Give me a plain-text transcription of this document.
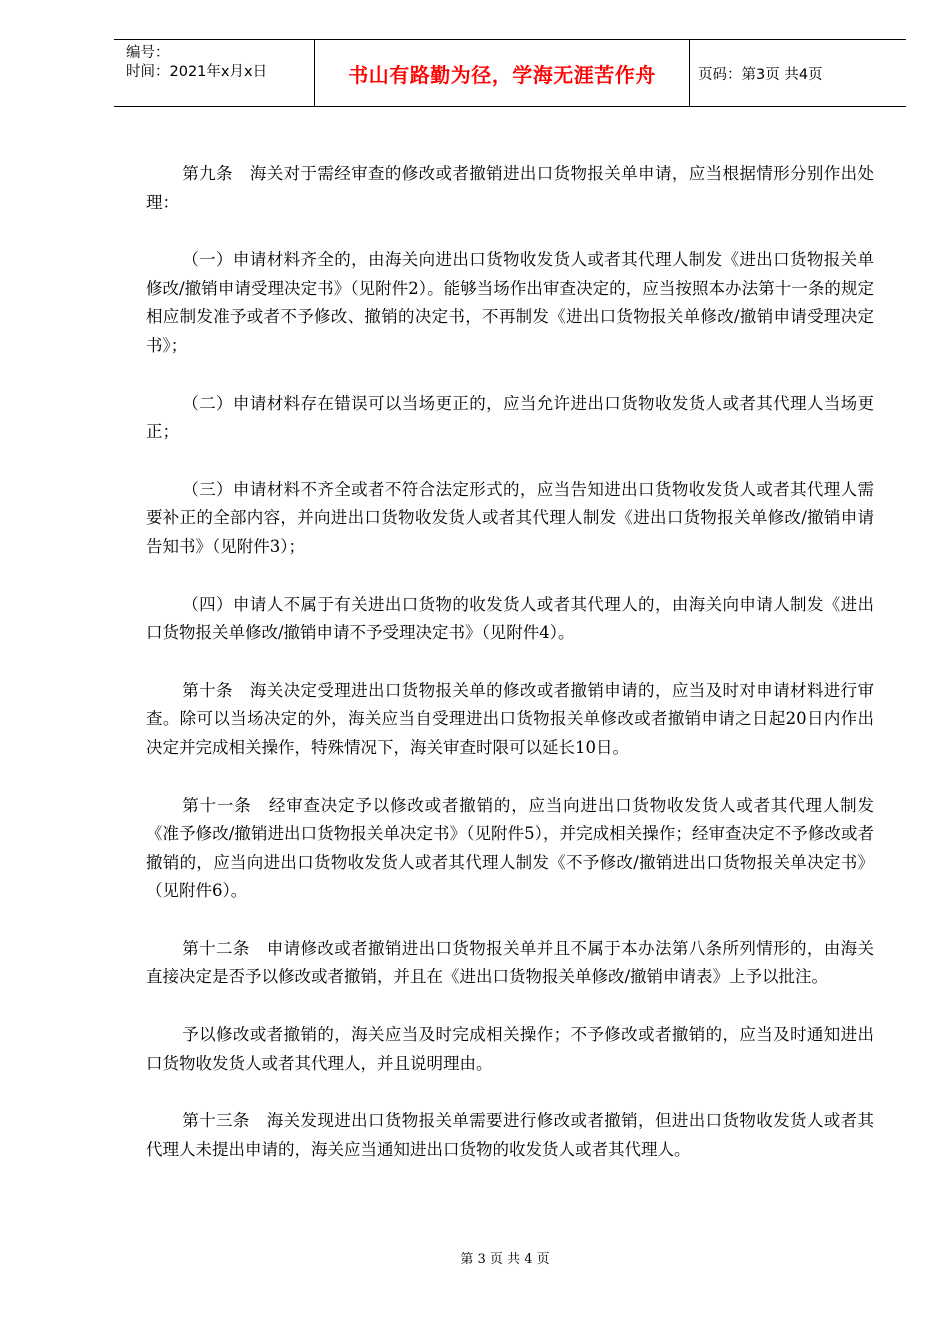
编号：
时间：2021年x月x日	书山有路勤为径，学海无涯苦作舟	页码：第3页 共4页

第九条　海关对于需经审查的修改或者撤销进出口货物报关单申请，应当根据情形分别作出处理：

（一）申请材料齐全的，由海关向进出口货物收发货人或者其代理人制发《进出口货物报关单修改/撤销申请受理决定书》（见附件2）。能够当场作出审查决定的，应当按照本办法第十一条的规定相应制发准予或者不予修改、撤销的决定书，不再制发《进出口货物报关单修改/撤销申请受理决定书》；

（二）申请材料存在错误可以当场更正的，应当允许进出口货物收发货人或者其代理人当场更正；

（三）申请材料不齐全或者不符合法定形式的，应当告知进出口货物收发货人或者其代理人需要补正的全部内容，并向进出口货物收发货人或者其代理人制发《进出口货物报关单修改/撤销申请告知书》（见附件3）；

（四）申请人不属于有关进出口货物的收发货人或者其代理人的，由海关向申请人制发《进出口货物报关单修改/撤销申请不予受理决定书》（见附件4）。

第十条　海关决定受理进出口货物报关单的修改或者撤销申请的，应当及时对申请材料进行审查。除可以当场决定的外，海关应当自受理进出口货物报关单修改或者撤销申请之日起20日内作出决定并完成相关操作，特殊情况下，海关审查时限可以延长10日。

第十一条　经审查决定予以修改或者撤销的，应当向进出口货物收发货人或者其代理人制发《准予修改/撤销进出口货物报关单决定书》（见附件5），并完成相关操作；经审查决定不予修改或者撤销的，应当向进出口货物收发货人或者其代理人制发《不予修改/撤销进出口货物报关单决定书》（见附件6）。

第十二条　申请修改或者撤销进出口货物报关单并且不属于本办法第八条所列情形的，由海关直接决定是否予以修改或者撤销，并且在《进出口货物报关单修改/撤销申请表》上予以批注。

予以修改或者撤销的，海关应当及时完成相关操作；不予修改或者撤销的，应当及时通知进出口货物收发货人或者其代理人，并且说明理由。

第十三条　海关发现进出口货物报关单需要进行修改或者撤销，但进出口货物收发货人或者其代理人未提出申请的，海关应当通知进出口货物的收发货人或者其代理人。

第 3 页 共 4 页
